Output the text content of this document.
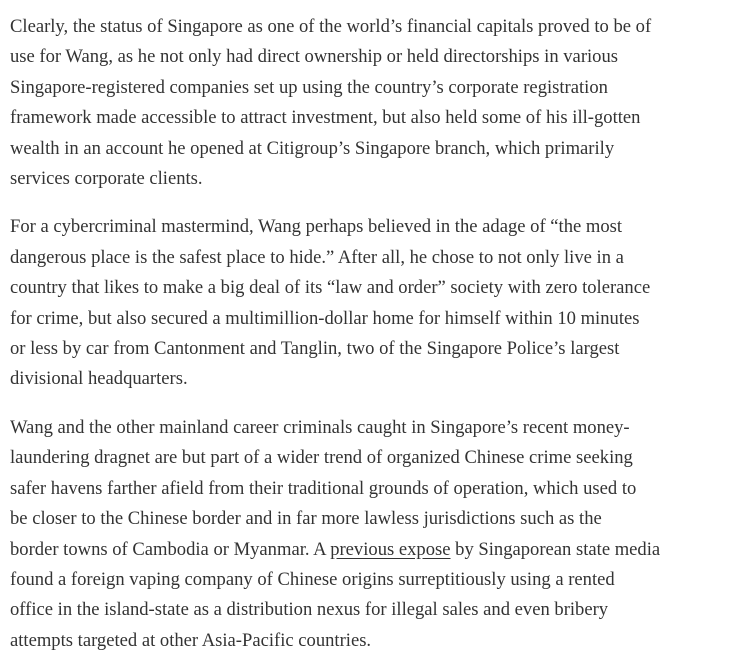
Clearly, the status of Singapore as one of the world’s financial capitals proved to be of
use for Wang, as he not only had direct ownership or held directorships in various
Singapore-registered companies set up using the country’s corporate registration
framework made accessible to attract investment, but also held some of his ill-gotten
wealth in an account he opened at Citigroup’s Singapore branch, which primarily
services corporate clients.

For a cybercriminal mastermind, Wang perhaps believed in the adage of “the most
dangerous place is the safest place to hide.” After all, he chose to not only live in a
country that likes to make a big deal of its “law and order” society with zero tolerance
for crime, but also secured a multimillion-dollar home for himself within 10 minutes
or less by car from Cantonment and Tanglin, two of the Singapore Police’s largest
divisional headquarters.

Wang and the other mainland career criminals caught in Singapore’s recent money-
laundering dragnet are but part of a wider trend of organized Chinese crime seeking
safer havens farther afield from their traditional grounds of operation, which used to
be closer to the Chinese border and in far more lawless jurisdictions such as the
border towns of Cambodia or Myanmar. A previous expose by Singaporean state media
found a foreign vaping company of Chinese origins surreptitiously using a rented
office in the island-state as a distribution nexus for illegal sales and even bribery
attempts targeted at other Asia-Pacific countries.
